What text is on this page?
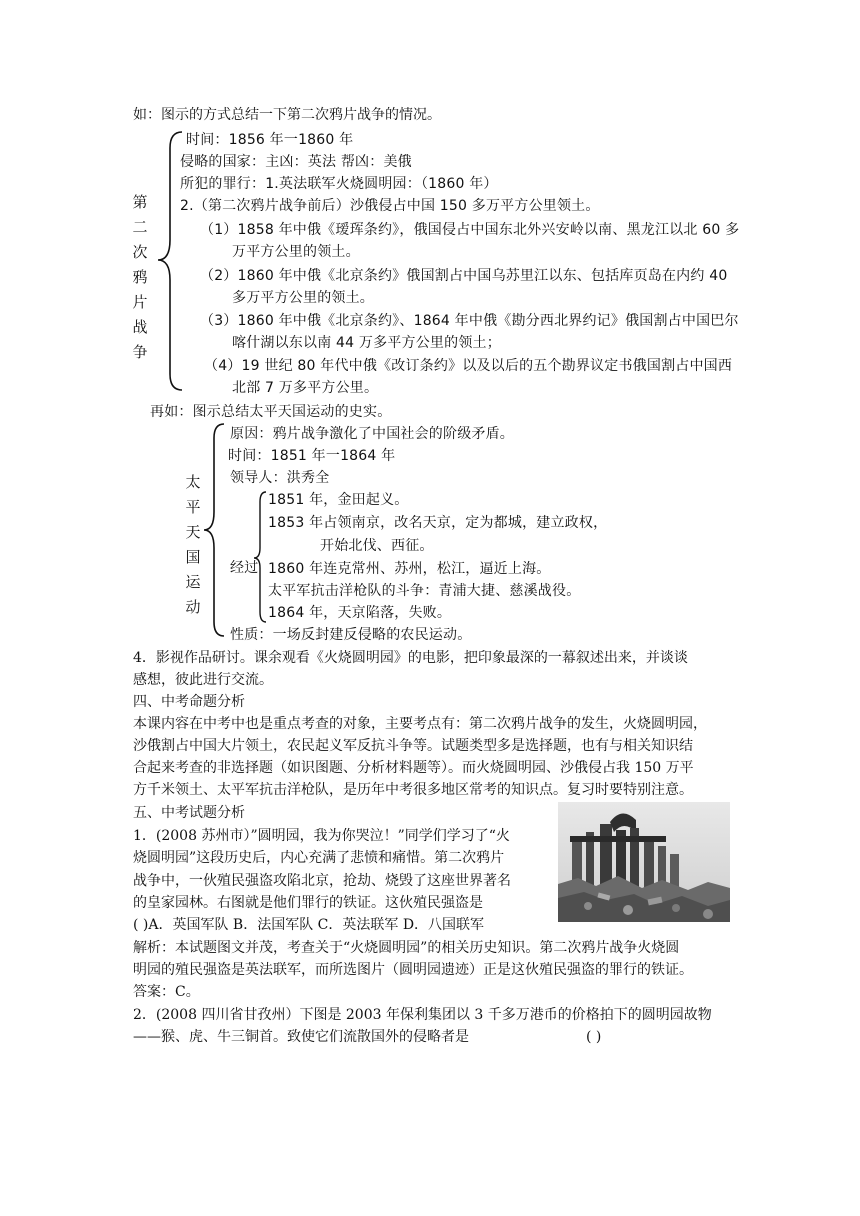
如：图示的方式总结一下第二次鸦片战争的情况。
第二次鸦片战争
时间：1856 年一1860 年
侵略的国家：主凶：英法 帮凶：美俄
所犯的罪行：1.英法联军火烧圆明园：（1860 年）
2.（第二次鸦片战争前后）沙俄侵占中国 150 多万平方公里领土。
（1）1858 年中俄《瑷珲条约》，俄国侵占中国东北外兴安岭以南、黑龙江以北 60 多
万平方公里的领土。
（2）1860 年中俄《北京条约》俄国割占中国乌苏里江以东、包括库页岛在内约 40
多万平方公里的领土。
（3）1860 年中俄《北京条约》、1864 年中俄《勘分西北界约记》俄国割占中国巴尔
喀什湖以东以南 44 万多平方公里的领土；
（4）19 世纪 80 年代中俄《改订条约》以及以后的五个勘界议定书俄国割占中国西
北部 7 万多平方公里。
再如：图示总结太平天国运动的史实。
太平天国运动
原因：鸦片战争激化了中国社会的阶级矛盾。
时间：1851 年一1864 年
领导人：洪秀全
经过
1851 年，金田起义。
1853 年占领南京，改名天京，定为都城，建立政权，
开始北伐、西征。
1860 年连克常州、苏州，松江，逼近上海。
太平军抗击洋枪队的斗争：青浦大捷、慈溪战役。
1864 年，天京陷落，失败。
性质：一场反封建反侵略的农民运动。
4．影视作品研讨。课余观看《火烧圆明园》的电影，把印象最深的一幕叙述出来，并谈谈
感想，彼此进行交流。
四、中考命题分析
本课内容在中考中也是重点考查的对象，主要考点有：第二次鸦片战争的发生，火烧圆明园，
沙俄割占中国大片领土，农民起义军反抗斗争等。试题类型多是选择题，也有与相关知识结
合起来考查的非选择题（如识图题、分析材料题等）。而火烧圆明园、沙俄侵占我 150 万平
方千米领土、太平军抗击洋枪队，是历年中考很多地区常考的知识点。复习时要特别注意。
五、中考试题分析
1．(2008 苏州市）”圆明园，我为你哭泣！”同学们学习了“火
烧圆明园”这段历史后，内心充满了悲愤和痛惜。第二次鸦片
战争中，一伙殖民强盗攻陷北京，抢劫、烧毁了这座世界著名
的皇家园林。右图就是他们罪行的铁证。这伙殖民强盗是
( )A．英国军队 B．法国军队 C．英法联军 D．八国联军
解析：本试题图文并茂，考查关于“火烧圆明园”的相关历史知识。第二次鸦片战争火烧圆
明园的殖民强盗是英法联军，而所选图片（圆明园遗迹）正是这伙殖民强盗的罪行的铁证。
答案：C。
2．(2008 四川省甘孜州）下图是 2003 年保利集团以 3 千多万港币的价格拍下的圆明园故物
——猴、虎、牛三铜首。致使它们流散国外的侵略者是	( )
